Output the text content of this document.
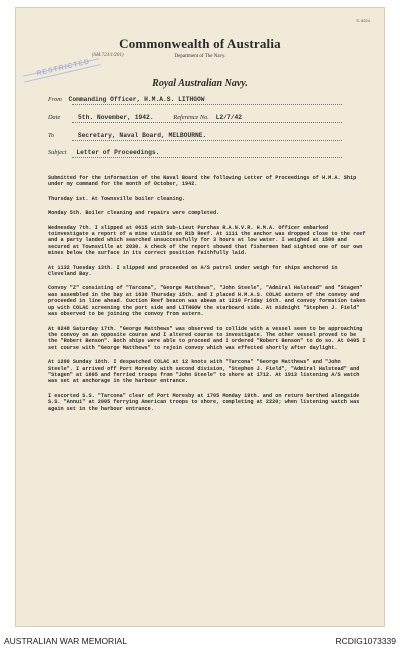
S. 8224
RESTRICTED
Commonwealth of Australia
(SM.723/1/201)	Department of The Navy.
Royal Australian Navy.
From Commanding Officer, H.M.A.S. LITHGOW
Date	5th. November, 1942.	Reference No. L2/7/42
To	Secretary, Naval Board, MELBOURNE.
Subject Letter of Proceedings.

Submitted for the information of the Naval Board the following Letter of Proceedings of H.M.A. Ship under my command for the month of October, 1942.

Thursday 1st. At Townsville boiler cleaning.

Monday 5th. Boiler cleaning and repairs were completed.

Wednesday 7th. I slipped at 0615 with Sub-Lieut Purchas R.A.N.V.R. H.M.A. Officer embarked toinvestigate a report of a mine visible on Rib Reef. At 1111 the anchor was dropped close to the reef and a party landed which searched unsuccessfully for 3 hours at low water. I weighed at 1500 and secured at Townsville at 2030. A check of the report showed that fishermen had sighted one of our own mines below the surface in its correct position faithfully laid.

At 1132 Tuesday 13th. I slipped and proceeded on A/S patrol under weigh for ships anchored in Cleveland Bay.

Convoy "Z" consisting of "Tarcona", "George Matthews", "John Steele", "Admiral Halstead" and "Stagen" was assembled in the bay at 1630 Thursday 15th. and I placed H.M.A.S. COLAC astern of the convoy and proceeded in line ahead. Cuction Reef beacon was abeam at 1210 Friday 16th. and convoy formation taken up with COLAC screening the port side and LITHGOW the starboard side. At midnight "Stephen J. Field" was observed to be joining the convoy from astern.

At 0248 Saturday 17th. "George Matthews" was observed to collide with a vessel seen to be approaching the convoy on an opposite course and I altered course to investigate. The other vessel proved to be the "Robert Benson". Both ships were able to proceed and I ordered "Robert Benson" to do so. At 0405 I set course with "George Matthews" to rejoin convoy which was effected shortly after daylight.

At 1200 Sunday 18th. I despatched COLAC at 12 knots with "Tarcona" "George Matthews" and "John Steele". I arrived off Port Moresby with second division, "Stephen J. Field", "Admiral Halstead" and "Stagen" at 1605 and ferried troops from "John Steele" to shore at 1712. At 1913 listening A/S watch was set at anchorage in the harbour entrance.

I escorted S.S. "Tarcona" clear of Port Moresby at 1705 Monday 19th. and on return berthed alongside S.S. "Annui" at 2005 ferrying American troops to shore, completing at 2220; when listening watch was again set in the harbour entrance.

AUSTRALIAN WAR MEMORIAL	RCDIG1073339
